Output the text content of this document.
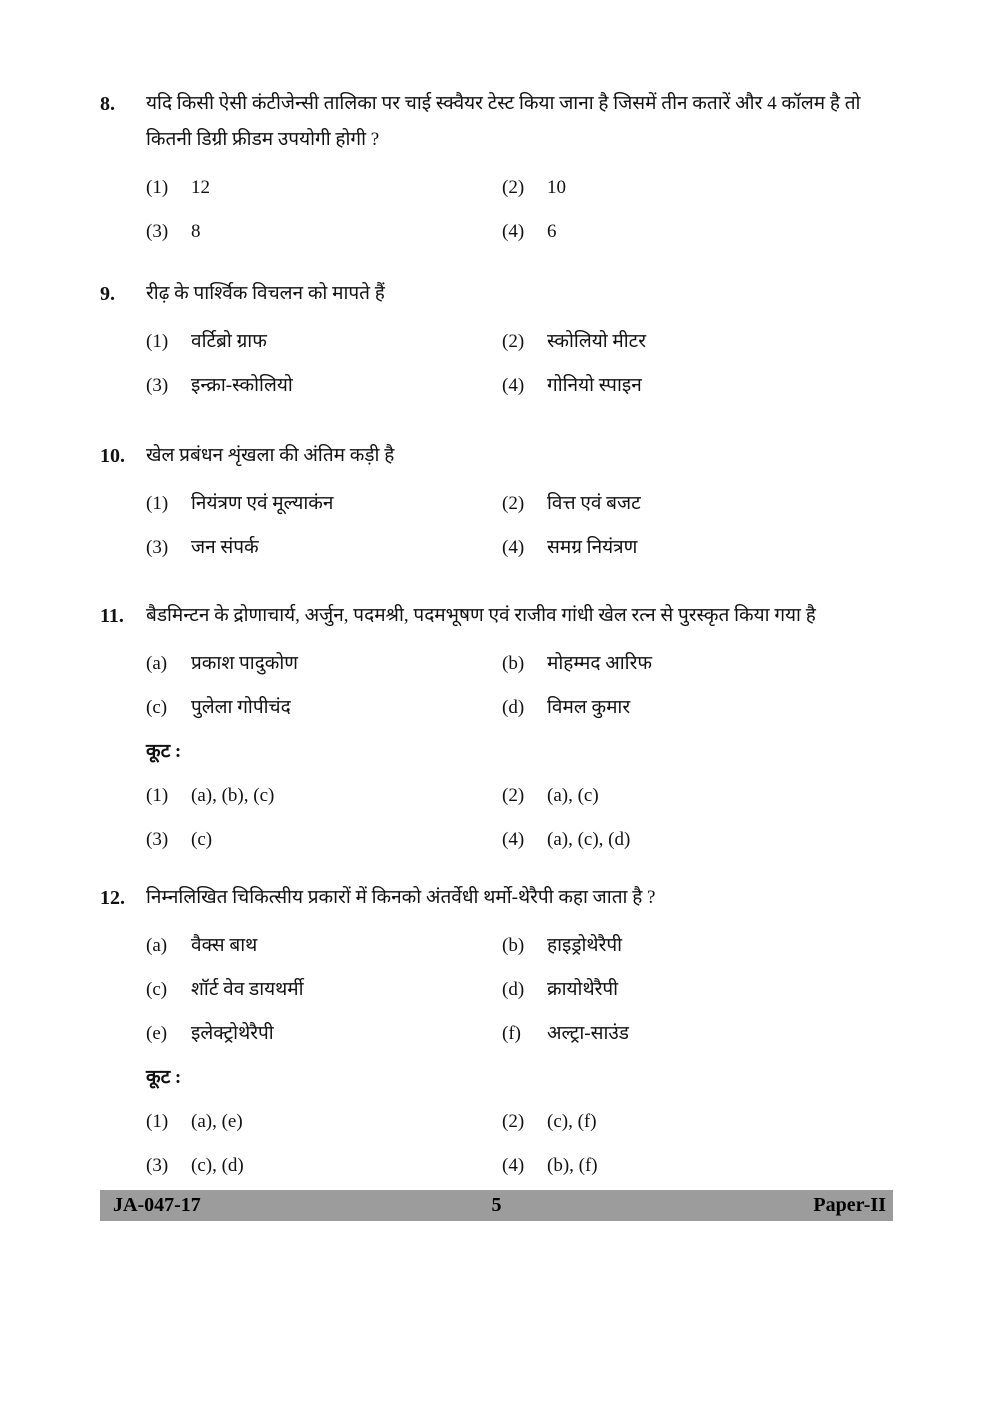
8.	यदि किसी ऐसी कंटीजेन्सी तालिका पर चाई स्क्वैयर टेस्ट किया जाना है जिसमें तीन कतारें और 4 कॉलम है तो कितनी डिग्री फ्रीडम उपयोगी होगी ?
(1)	12	(2)	10
(3)	8	(4)	6
9.	रीढ़ के पार्श्विक विचलन को मापते हैं
(1)	वर्टिब्रो ग्राफ	(2)	स्कोलियो मीटर
(3)	इन्क्रा-स्कोलियो	(4)	गोनियो स्पाइन
10.	खेल प्रबंधन शृंखला की अंतिम कड़ी है
(1)	नियंत्रण एवं मूल्याकंन	(2)	वित्त एवं बजट
(3)	जन संपर्क	(4)	समग्र नियंत्रण
11.	बैडमिन्टन के द्रोणाचार्य, अर्जुन, पदमश्री, पदमभूषण एवं राजीव गांधी खेल रत्न से पुरस्कृत किया गया है
(a)	प्रकाश पादुकोण	(b)	मोहम्मद आरिफ
(c)	पुलेला गोपीचंद	(d)	विमल कुमार
कूट :
(1)	(a), (b), (c)	(2)	(a), (c)
(3)	(c)	(4)	(a), (c), (d)
12.	निम्नलिखित चिकित्सीय प्रकारों में किनको अंतर्वेधी थर्मो-थेरैपी कहा जाता है ?
(a)	वैक्स बाथ	(b)	हाइड्रोथेरैपी
(c)	शॉर्ट वेव डायथर्मी	(d)	क्रायोथेरैपी
(e)	इलेक्ट्रोथेरैपी	(f)	अल्ट्रा-साउंड
कूट :
(1)	(a), (e)	(2)	(c), (f)
(3)	(c), (d)	(4)	(b), (f)
JA-047-17	5	Paper-II
